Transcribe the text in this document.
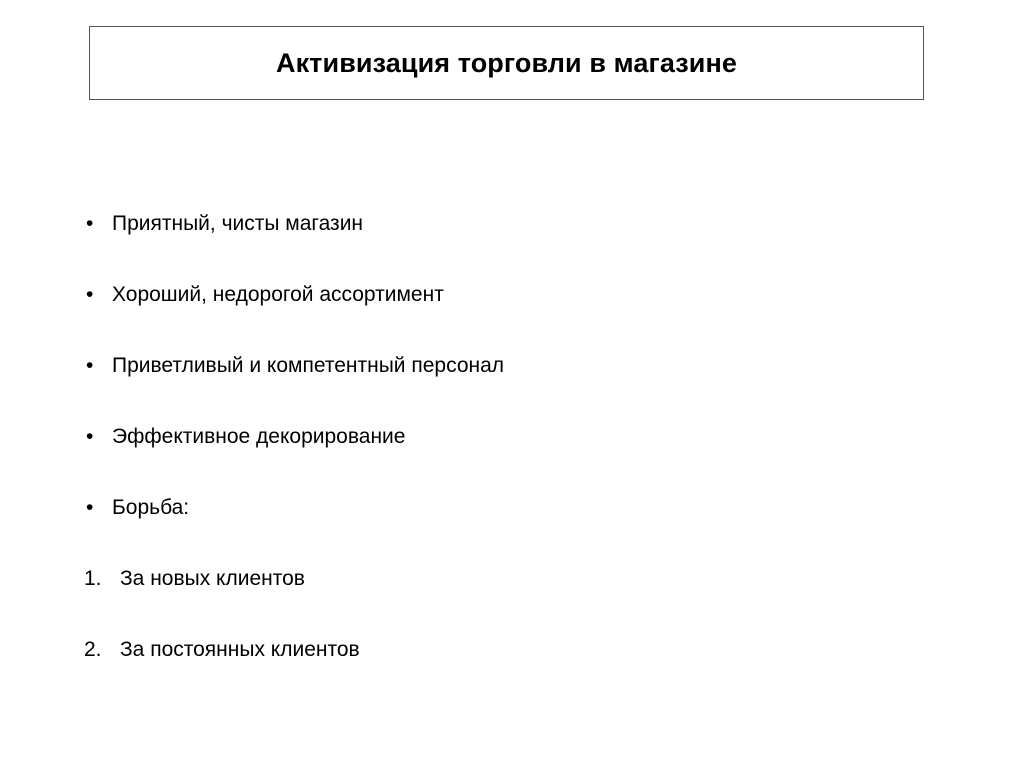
Активизация торговли в магазине
• Приятный, чисты магазин
• Хороший, недорогой ассортимент
• Приветливый и компетентный персонал
• Эффективное декорирование
• Борьба:
1. За новых клиентов
2. За постоянных клиентов
